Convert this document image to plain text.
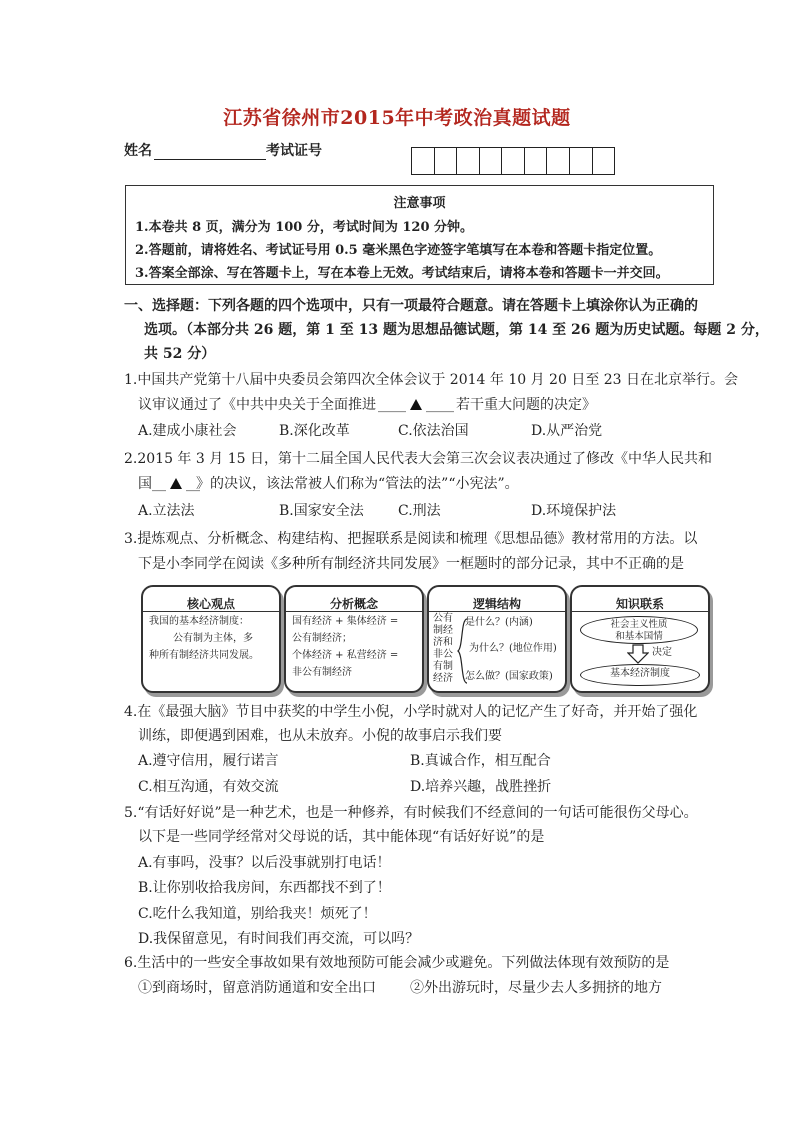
江苏省徐州市2015年中考政治真题试题
姓名	考试证号
注意事项
1.本卷共 8 页，满分为 100 分，考试时间为 120 分钟。
2.答题前，请将姓名、考试证号用 0.5 毫米黑色字迹签字笔填写在本卷和答题卡指定位置。
3.答案全部涂、写在答题卡上，写在本卷上无效。考试结束后，请将本卷和答题卡一并交回。
一、选择题：下列各题的四个选项中，只有一项最符合题意。请在答题卡上填涂你认为正确的
选项。（本部分共 26 题，第 1 至 13 题为思想品德试题，第 14 至 26 题为历史试题。每题 2 分，
共 52 分）
1.中国共产党第十八届中央委员会第四次全体会议于 2014 年 10 月 20 日至 23 日在北京举行。会
议审议通过了《中共中央关于全面推进 ____ ____ 若干重大问题的决定》
A.建成小康社会	B.深化改革	C.依法治国	D.从严治党
2.2015 年 3 月 15 日，第十二届全国人民代表大会第三次会议表决通过了修改《中华人民共和
国__ __》的决议，该法常被人们称为“管法的法”“小宪法”。
A.立法法	B.国家安全法 C.刑法	D.环境保护法
3.提炼观点、分析概念、构建结构、把握联系是阅读和梳理《思想品德》教材常用的方法。以
下是小李同学在阅读《多种所有制经济共同发展》一框题时的部分记录，其中不正确的是
核心观点
我国的基本经济制度：
公有制为主体，多
种所有制经济共同发展。
分析概念
国有经济 + 集体经济 =
公有制经济；
个体经济 + 私营经济 =
非公有制经济
逻辑结构
公有
制经
济和
非公
有制
经济
是什么？(内涵)
为什么？(地位作用)
怎么做？(国家政策)
知识联系
社会主义性质
和基本国情
决定
基本经济制度
4.在《最强大脑》节目中获奖的中学生小倪，小学时就对人的记忆产生了好奇，并开始了强化
训练，即便遇到困难，也从未放弃。小倪的故事启示我们要
A.遵守信用，履行诺言	B.真诚合作，相互配合
C.相互沟通，有效交流	D.培养兴趣，战胜挫折
5.“有话好好说”是一种艺术，也是一种修养，有时候我们不经意间的一句话可能很伤父母心。
以下是一些同学经常对父母说的话，其中能体现“有话好好说”的是
A.有事吗，没事？以后没事就别打电话！
B.让你别收拾我房间，东西都找不到了！
C.吃什么我知道，别给我夹！烦死了！
D.我保留意见，有时间我们再交流，可以吗？
6.生活中的一些安全事故如果有效地预防可能会减少或避免。下列做法体现有效预防的是
①到商场时，留意消防通道和安全出口 ②外出游玩时，尽量少去人多拥挤的地方
